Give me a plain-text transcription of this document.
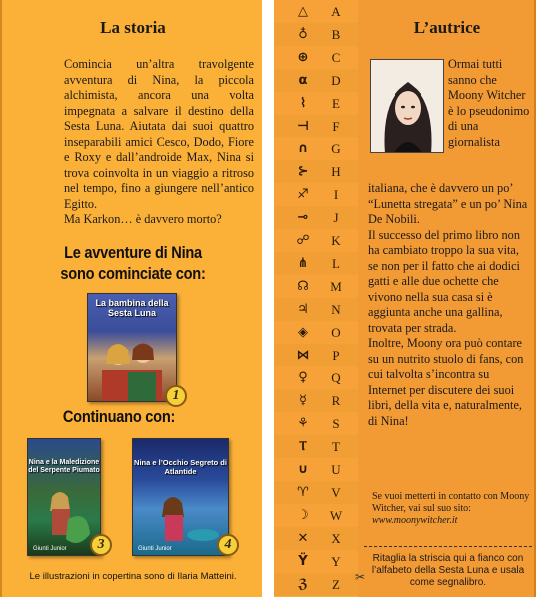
La storia

Comincia un’altra travolgente avventura di Nina, la piccola alchimista, ancora una volta impegnata a salvare il destino della Sesta Luna. Aiutata dai suoi quattro inseparabili amici Cesco, Dodo, Fiore e Roxy e dall’androide Max, Nina si trova coinvolta in un viaggio a ritroso nel tempo, fino a giungere nell’antico Egitto.

Ma Karkon… è davvero morto?

Le avventure di Nina
sono cominciate con:
La bambina della Sesta Luna
1
Continuano con:
Nina e la Maledizione del Serpente Piumato
Giunti Junior	3
Nina e l’Occhio Segreto di Atlantide
Giunti Junior	4
Le illustrazioni in copertina sono di Ilaria Matteini.
△	A
♁	B
⊕	C
⍺	D
⌇	E
⊣	F
∩	G
⊱	H
♐	I
⊸	J
☍	K
⋔	L
☊	M
♃	N
◈	O
⋈	P
♀	Q
☿	R
⚘	S
Ⲧ	T
∪	U
♈	V
☽	W
✕	X
Ϋ	Y
ℨ	Z
L’autrice

Ormai tutti sanno che Moony Witcher è lo pseudonimo di una giornalista

italiana, che è davvero un po’ “Lunetta stregata” e un po’ Nina De Nobili.

Il successo del primo libro non ha cambiato troppo la sua vita, se non per il fatto che ai dodici gatti e alle due ochette che vivono nella sua casa si è aggiunta anche una gallina, trovata per strada.

Inoltre, Moony ora può contare su un nutrito stuolo di fans, con cui talvolta s’incontra su Internet per discutere dei suoi libri, della vita e, naturalmente, di Nina!

Se vuoi metterti in contatto con Moony Witcher, vai sul suo sito:
www.moonywitcher.it
Ritaglia la striscia qui a fianco con l’alfabeto della Sesta Luna e usala come segnalibro.
✂
